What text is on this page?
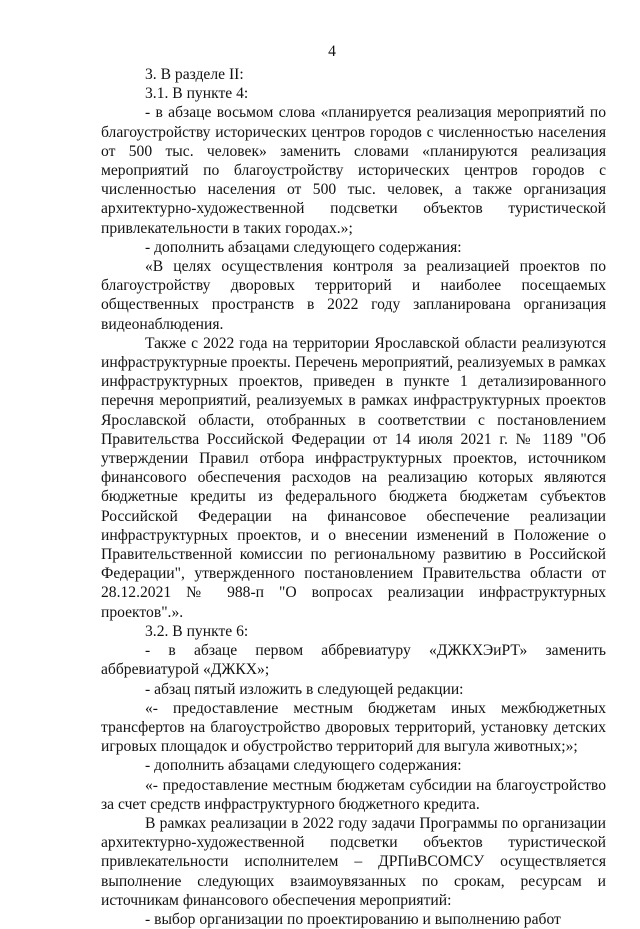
4

3. В разделе II:

3.1. В пункте 4:

- в абзаце восьмом слова «планируется реализация мероприятий по благоустройству исторических центров городов с численностью населения от 500 тыс. человек» заменить словами «планируются реализация мероприятий по благоустройству исторических центров городов с численностью населения от 500 тыс. человек, а также организация архитектурно-художественной подсветки объектов туристической привлекательности в таких городах.»;

- дополнить абзацами следующего содержания:

«В целях осуществления контроля за реализацией проектов по благоустройству дворовых территорий и наиболее посещаемых общественных пространств в 2022 году запланирована организация видеонаблюдения.

Также с 2022 года на территории Ярославской области реализуются инфраструктурные проекты. Перечень мероприятий, реализуемых в рамках инфраструктурных проектов, приведен в пункте 1 детализированного перечня мероприятий, реализуемых в рамках инфраструктурных проектов Ярославской области, отобранных в соответствии с постановлением Правительства Российской Федерации от 14 июля 2021 г. № 1189 "Об утверждении Правил отбора инфраструктурных проектов, источником финансового обеспечения расходов на реализацию которых являются бюджетные кредиты из федерального бюджета бюджетам субъектов Российской Федерации на финансовое обеспечение реализации инфраструктурных проектов, и о внесении изменений в Положение о Правительственной комиссии по региональному развитию в Российской Федерации", утвержденного постановлением Правительства области от 28.12.2021 № 988-п "О вопросах реализации инфраструктурных проектов".».

3.2. В пункте 6:

- в абзаце первом аббревиатуру «ДЖКХЭиРТ» заменить аббревиатурой «ДЖКХ»;

- абзац пятый изложить в следующей редакции:

«- предоставление местным бюджетам иных межбюджетных трансфертов на благоустройство дворовых территорий, установку детских игровых площадок и обустройство территорий для выгула животных;»;

- дополнить абзацами следующего содержания:

«- предоставление местным бюджетам субсидии на благоустройство за счет средств инфраструктурного бюджетного кредита.

В рамках реализации в 2022 году задачи Программы по организации архитектурно-художественной подсветки объектов туристической привлекательности исполнителем – ДРПиВСОМСУ осуществляется выполнение следующих взаимоувязанных по срокам, ресурсам и источникам финансового обеспечения мероприятий:

- выбор организации по проектированию и выполнению работ
